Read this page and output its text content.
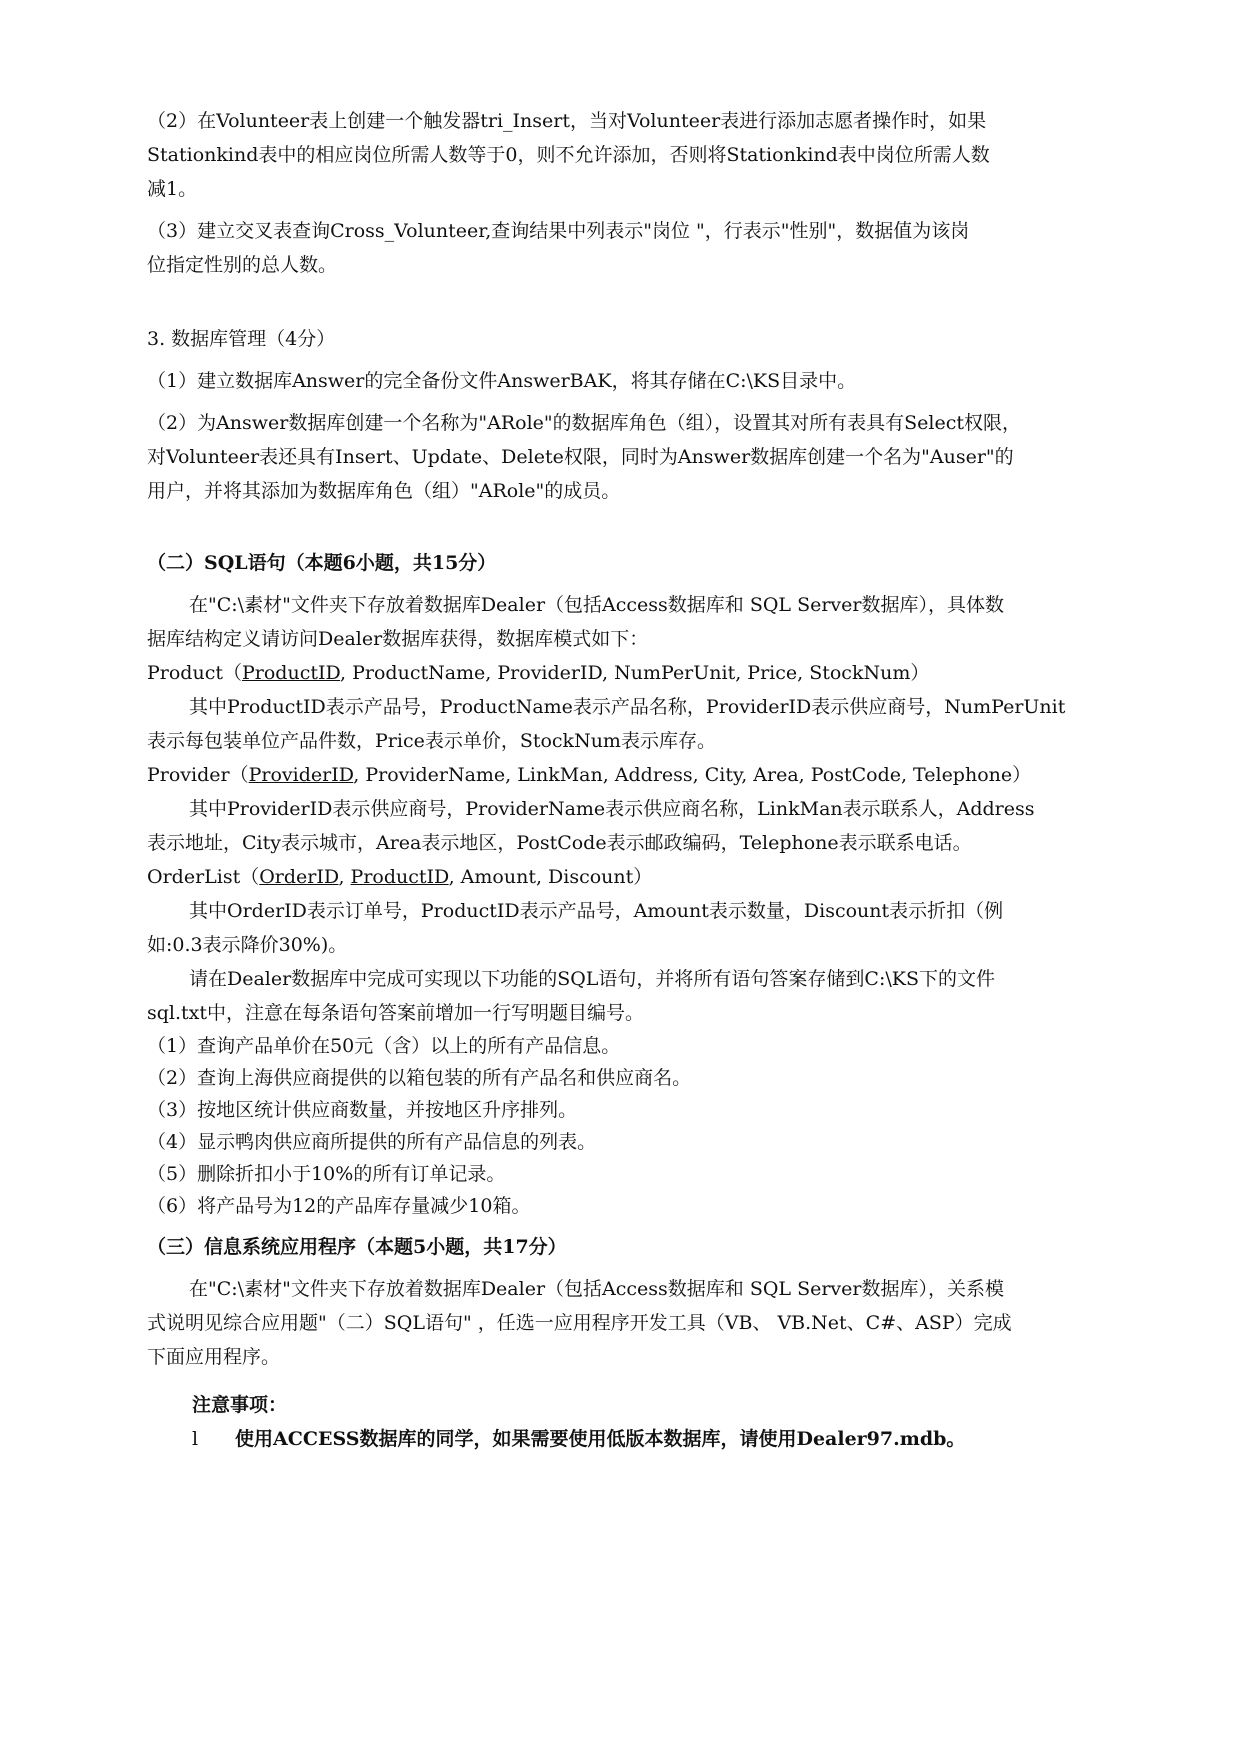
（2）在Volunteer表上创建一个触发器tri_Insert，当对Volunteer表进行添加志愿者操作时，如果

Stationkind表中的相应岗位所需人数等于0，则不允许添加，否则将Stationkind表中岗位所需人数

减1。

（3）建立交叉表查询Cross_Volunteer,查询结果中列表示"岗位 "，行表示"性别"，数据值为该岗

位指定性别的总人数。

3. 数据库管理（4分）

（1）建立数据库Answer的完全备份文件AnswerBAK，将其存储在C:\KS目录中。

（2）为Answer数据库创建一个名称为"ARole"的数据库角色（组），设置其对所有表具有Select权限，

对Volunteer表还具有Insert、Update、Delete权限，同时为Answer数据库创建一个名为"Auser"的

用户，并将其添加为数据库角色（组）"ARole"的成员。

（二）SQL语句（本题6小题，共15分）

在"C:\素材"文件夹下存放着数据库Dealer（包括Access数据库和 SQL Server数据库），具体数

据库结构定义请访问Dealer数据库获得，数据库模式如下：

Product（ProductID, ProductName, ProviderID, NumPerUnit, Price, StockNum）

其中ProductID表示产品号，ProductName表示产品名称，ProviderID表示供应商号，NumPerUnit

表示每包装单位产品件数，Price表示单价，StockNum表示库存。

Provider（ProviderID, ProviderName, LinkMan, Address, City, Area, PostCode, Telephone）

其中ProviderID表示供应商号，ProviderName表示供应商名称，LinkMan表示联系人，Address

表示地址，City表示城市，Area表示地区，PostCode表示邮政编码，Telephone表示联系电话。

OrderList（OrderID, ProductID, Amount, Discount）

其中OrderID表示订单号，ProductID表示产品号，Amount表示数量，Discount表示折扣（例

如:0.3表示降价30%)。

请在Dealer数据库中完成可实现以下功能的SQL语句，并将所有语句答案存储到C:\KS下的文件

sql.txt中，注意在每条语句答案前增加一行写明题目编号。

（1）查询产品单价在50元（含）以上的所有产品信息。

（2）查询上海供应商提供的以箱包装的所有产品名和供应商名。

（3）按地区统计供应商数量，并按地区升序排列。

（4）显示鸭肉供应商所提供的所有产品信息的列表。

（5）删除折扣小于10%的所有订单记录。

（6）将产品号为12的产品库存量减少10箱。

（三）信息系统应用程序（本题5小题，共17分）

在"C:\素材"文件夹下存放着数据库Dealer（包括Access数据库和 SQL Server数据库），关系模

式说明见综合应用题"（二）SQL语句" ，任选一应用程序开发工具（VB、 VB.Net、C#、ASP）完成

下面应用程序。

注意事项：

l 使用ACCESS数据库的同学，如果需要使用低版本数据库，请使用Dealer97.mdb。
